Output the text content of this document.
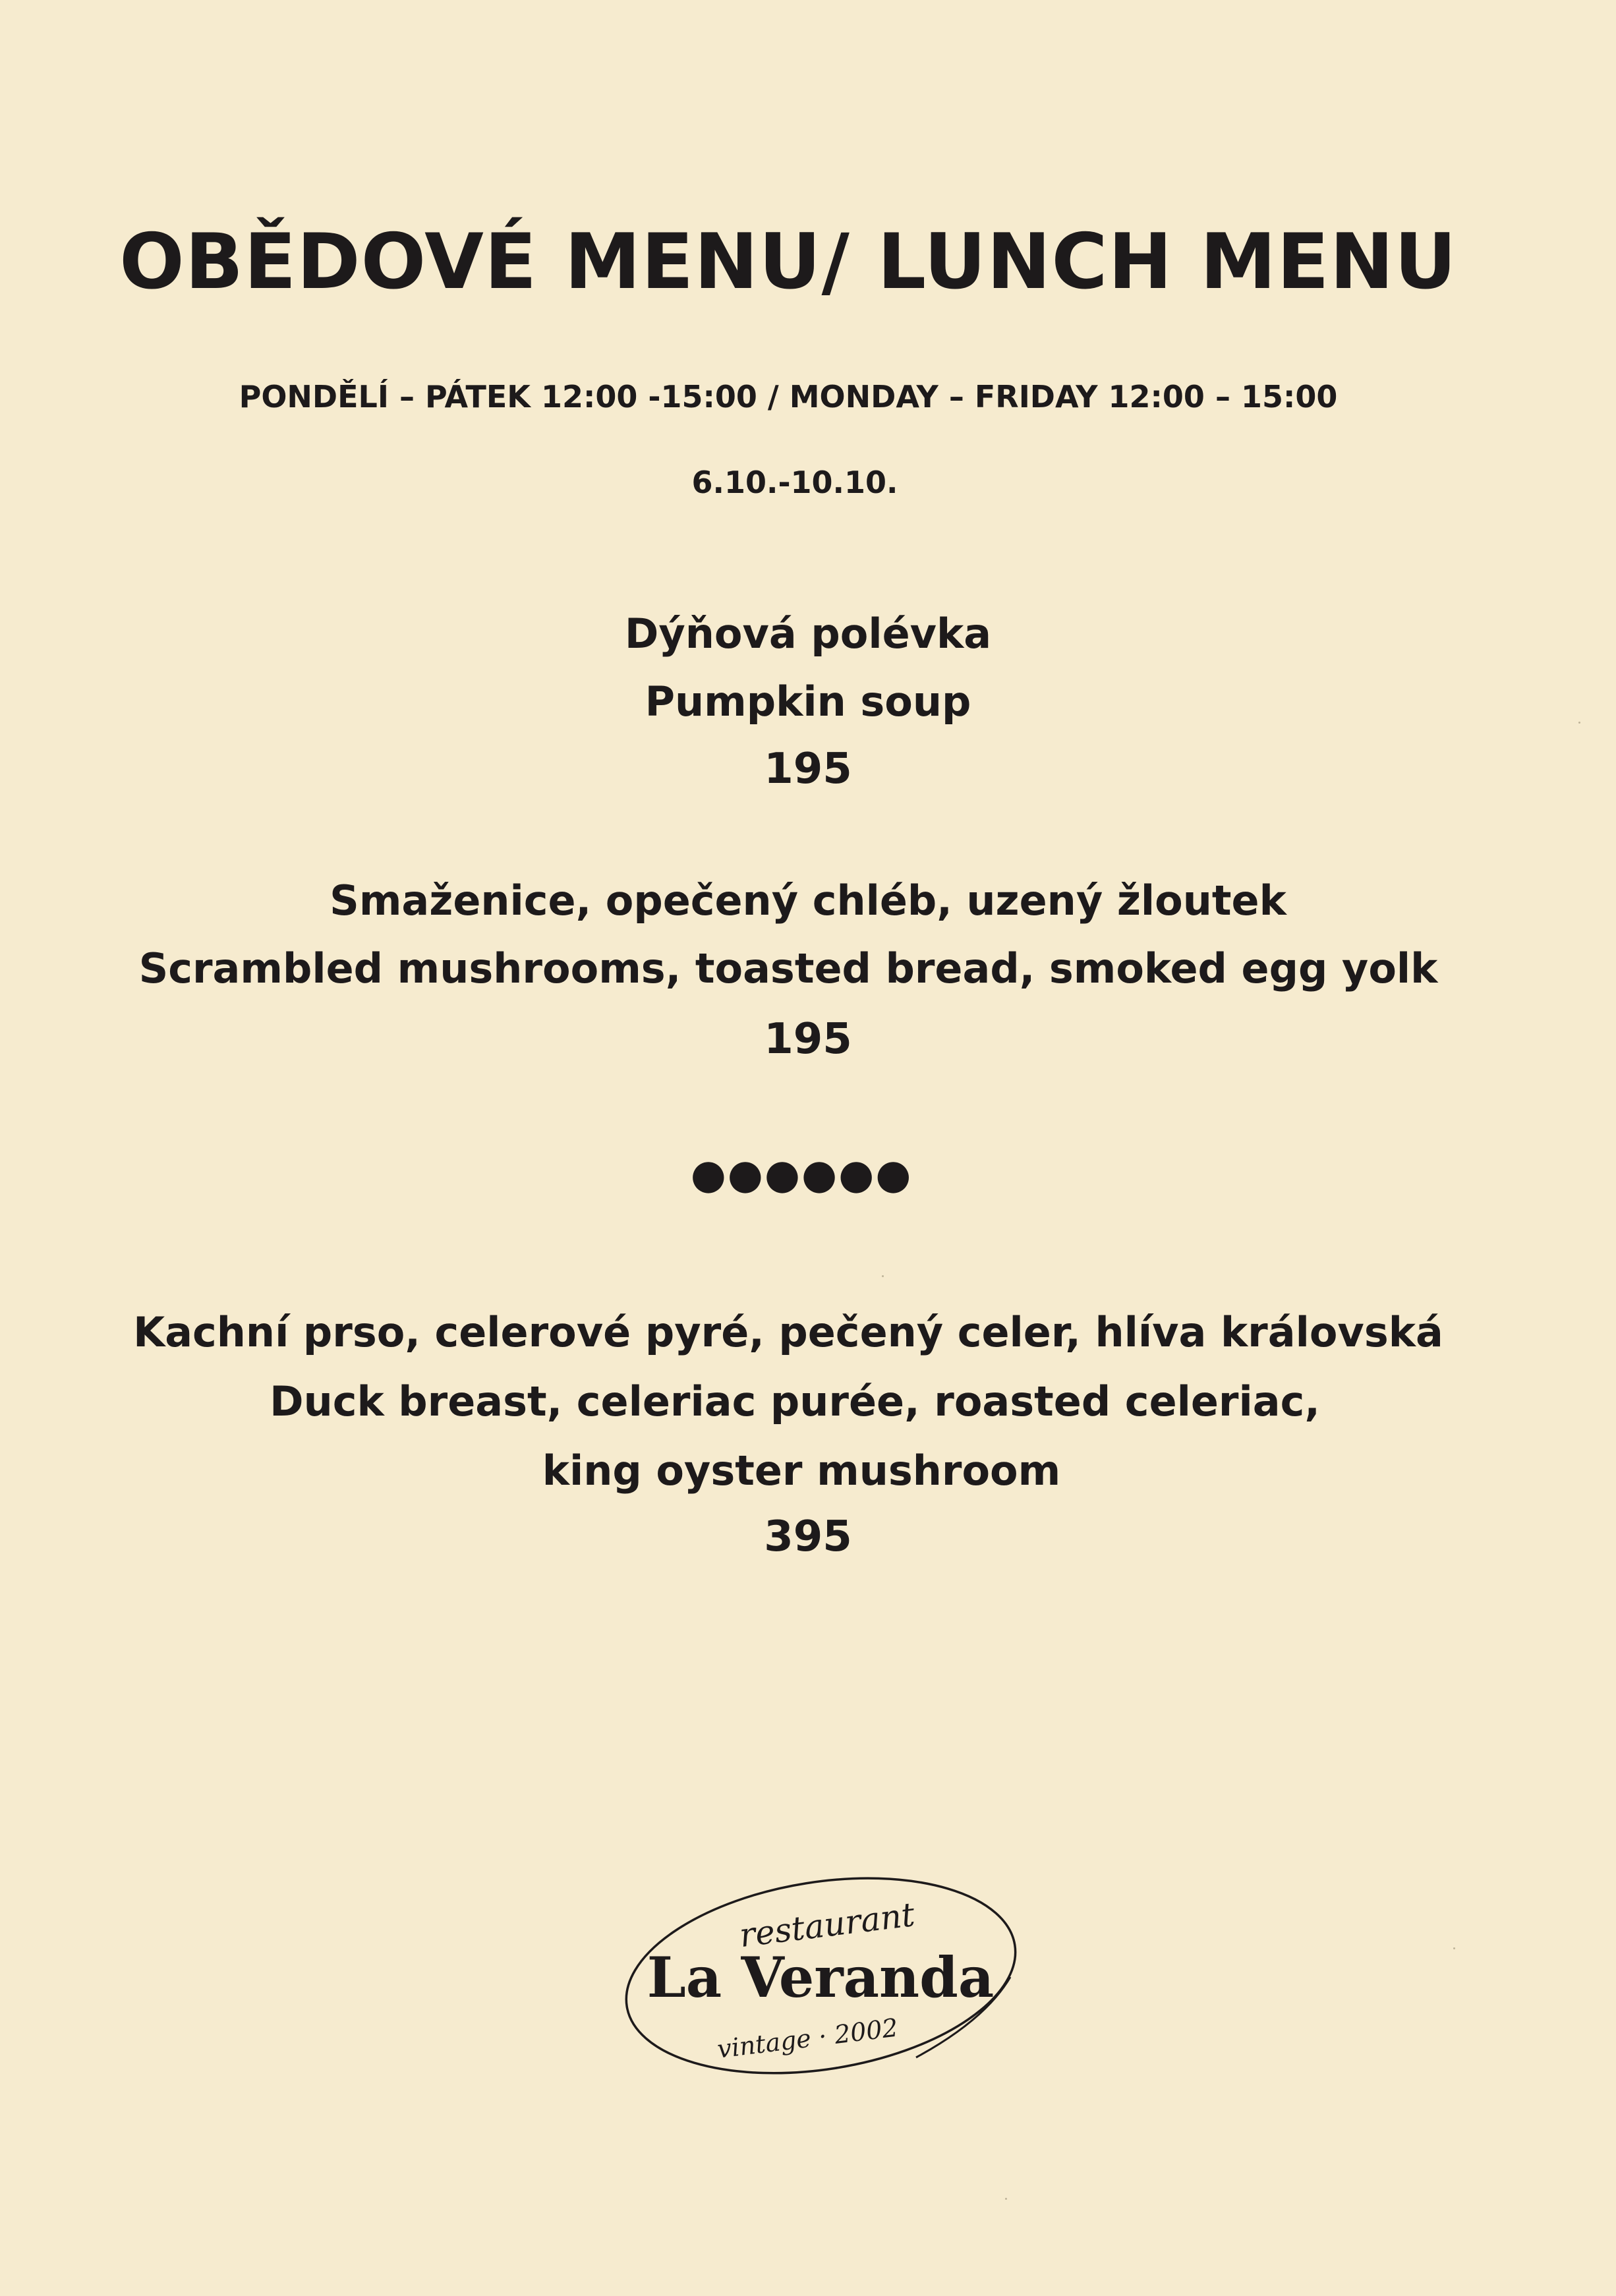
OBĚDOVÉ MENU/ LUNCH MENU
PONDĚLÍ – PÁTEK 12:00 -15:00 / MONDAY – FRIDAY 12:00 – 15:00
6.10.-10.10.
Dýňová polévka
Pumpkin soup
195
Smaženice, opečený chléb, uzený žloutek
Scrambled mushrooms, toasted bread, smoked egg yolk
195
●●●●●●
Kachní prso, celerové pyré, pečený celer, hlíva královská
Duck breast, celeriac purée, roasted celeriac,
king oyster mushroom
395
restaurant
La Veranda
vintage · 2002
